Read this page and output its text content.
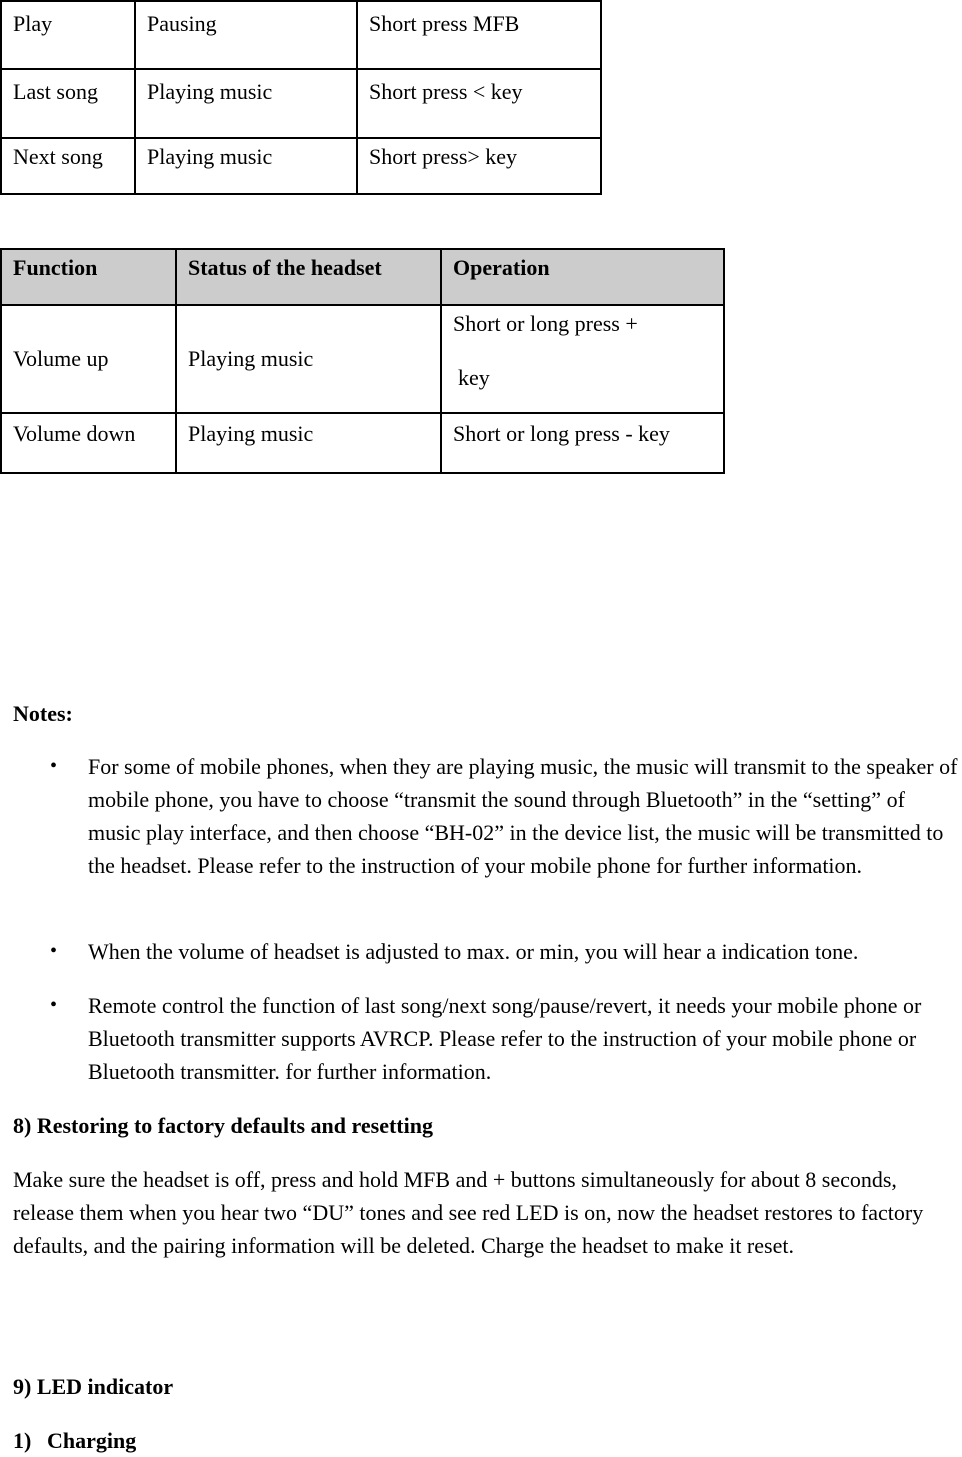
Play	Pausing	Short press MFB
Last song	Playing music	Short press < key
Next song	Playing music	Short press> key
Function	Status of the headset	Operation
Volume up	Playing music	Short or long press +
key

Volume down	Playing music	Short or long press - key
Notes:
• For some of mobile phones, when they are playing music, the music will transmit to the speaker of mobile phone, you have to choose “transmit the sound through Bluetooth” in the “setting” of music play interface, and then choose “BH-02” in the device list, the music will be transmitted to the headset. Please refer to the instruction of your mobile phone for further information.
• When the volume of headset is adjusted to max. or min, you will hear a indication tone.
• Remote control the function of last song/next song/pause/revert, it needs your mobile phone or Bluetooth transmitter supports AVRCP. Please refer to the instruction of your mobile phone or Bluetooth transmitter. for further information.
8) Restoring to factory defaults and resetting
Make sure the headset is off, press and hold MFB and + buttons simultaneously for about 8 seconds, release them when you hear two “DU” tones and see red LED is on, now the headset restores to factory defaults, and the pairing information will be deleted. Charge the headset to make it reset.
9) LED indicator
1) Charging
